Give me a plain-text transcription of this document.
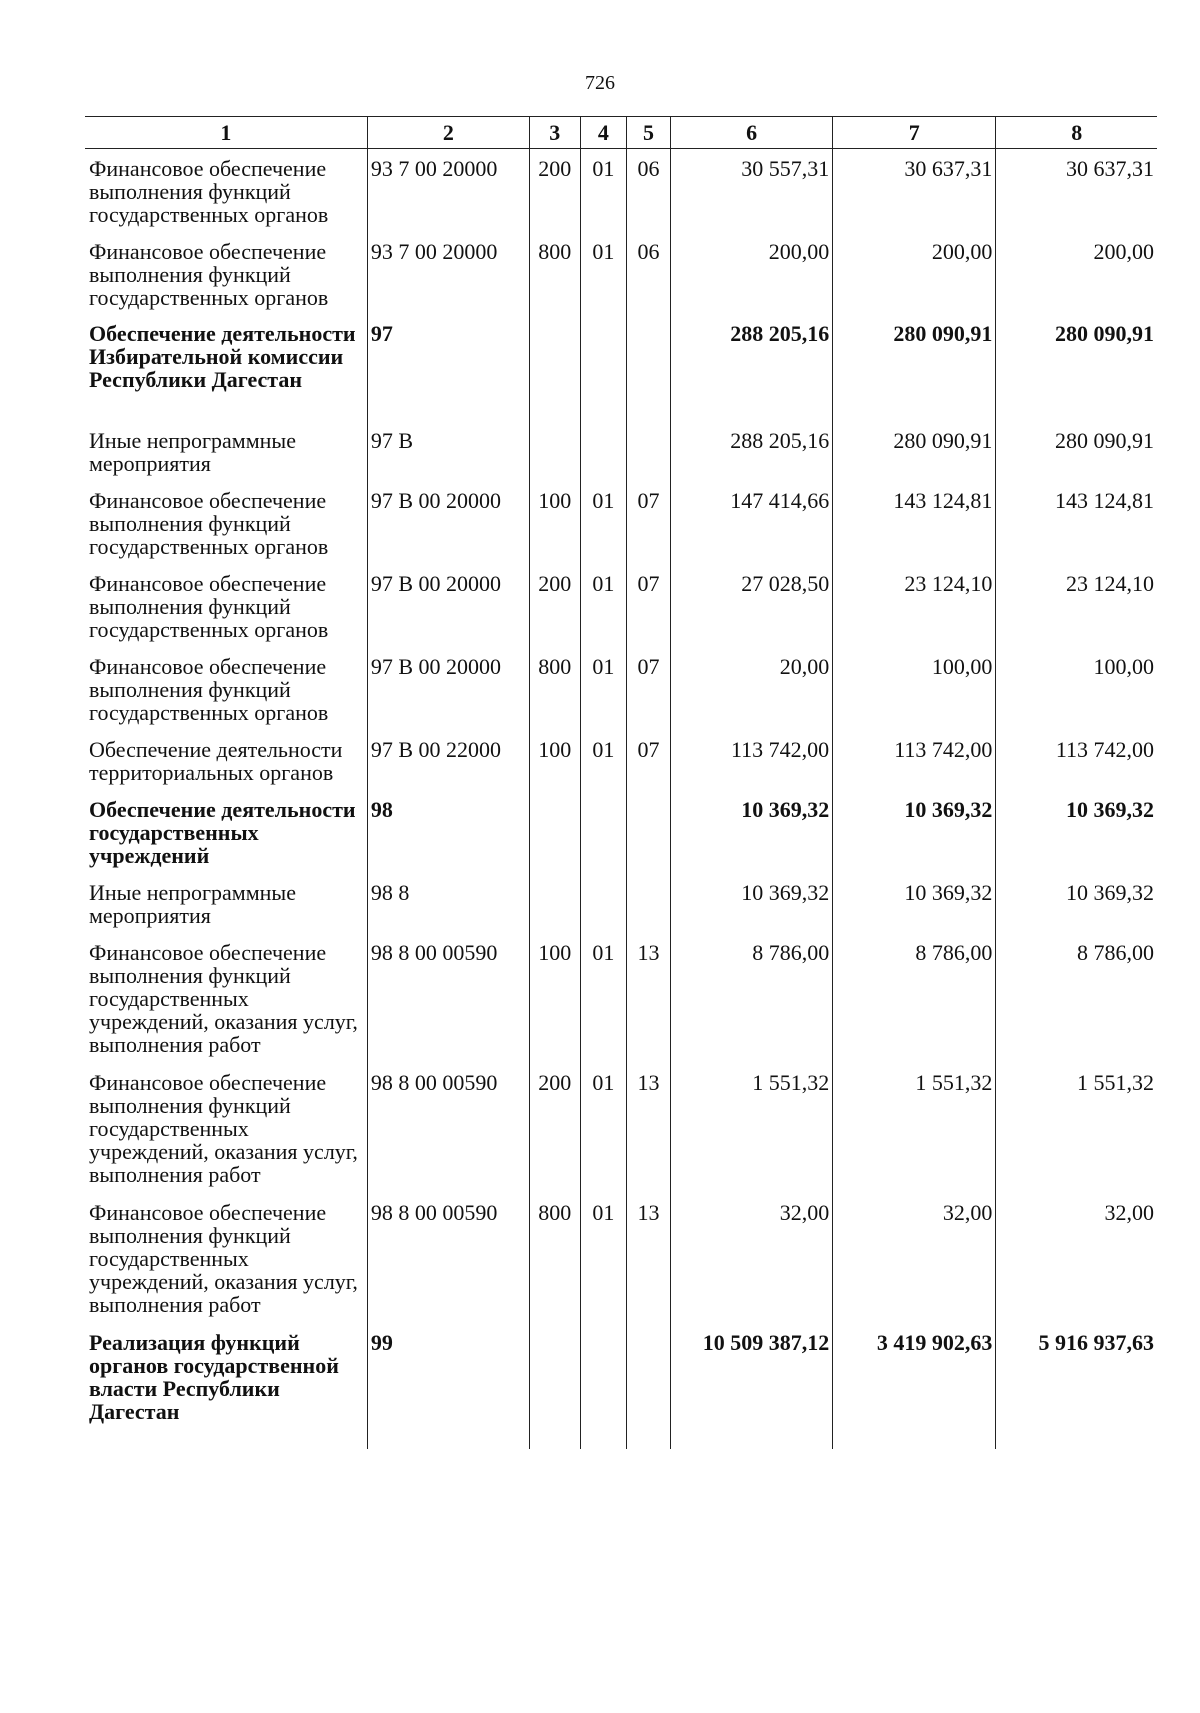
726
1	2	3	4	5	6	7	8
Финансовое обеспечение выполнения функций государственных органов	93 7 00 20000	200	01	06	30 557,31	30 637,31	30 637,31
Финансовое обеспечение выполнения функций государственных органов	93 7 00 20000	800	01	06	200,00	200,00	200,00
Обеспечение деятельности Избирательной комиссии Республики Дагестан	97				288 205,16	280 090,91	280 090,91
Иные непрограммные мероприятия	97 В				288 205,16	280 090,91	280 090,91
Финансовое обеспечение выполнения функций государственных органов	97 В 00 20000	100	01	07	147 414,66	143 124,81	143 124,81
Финансовое обеспечение выполнения функций государственных органов	97 В 00 20000	200	01	07	27 028,50	23 124,10	23 124,10
Финансовое обеспечение выполнения функций государственных органов	97 В 00 20000	800	01	07	20,00	100,00	100,00
Обеспечение деятельности территориальных органов	97 В 00 22000	100	01	07	113 742,00	113 742,00	113 742,00
Обеспечение деятельности государственных учреждений	98				10 369,32	10 369,32	10 369,32
Иные непрограммные мероприятия	98 8				10 369,32	10 369,32	10 369,32
Финансовое обеспечение выполнения функций государственных учреждений, оказания услуг, выполнения работ	98 8 00 00590	100	01	13	8 786,00	8 786,00	8 786,00
Финансовое обеспечение выполнения функций государственных учреждений, оказания услуг, выполнения работ	98 8 00 00590	200	01	13	1 551,32	1 551,32	1 551,32
Финансовое обеспечение выполнения функций государственных учреждений, оказания услуг, выполнения работ	98 8 00 00590	800	01	13	32,00	32,00	32,00
Реализация функций органов государственной власти Республики Дагестан	99				10 509 387,12	3 419 902,63	5 916 937,63
